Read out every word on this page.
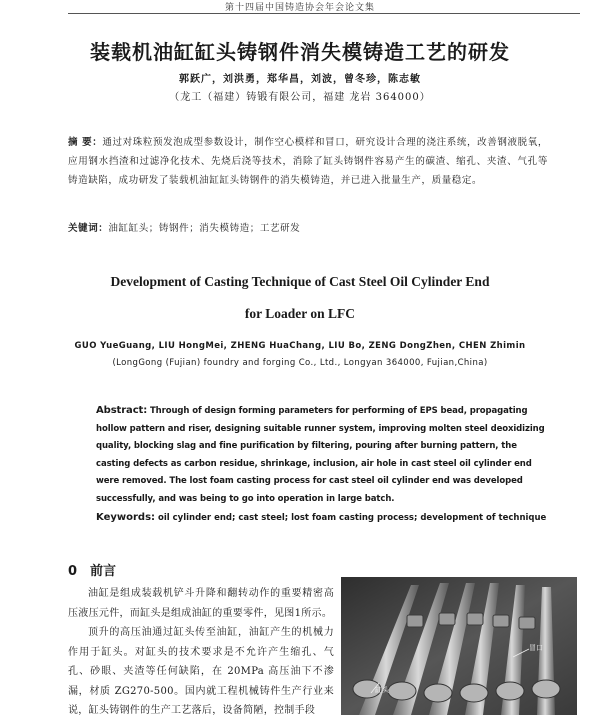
第十四届中国铸造协会年会论文集
装载机油缸缸头铸钢件消失模铸造工艺的研发
郭跃广，刘洪勇，郑华昌，刘波，曾冬珍，陈志敏
（龙工（福建）铸锻有限公司，福建 龙岩 364000）
摘 要：通过对珠粒预发泡成型参数设计，制作空心模样和冒口，研究设计合理的浇注系统，改善钢液脱氧，应用钢水挡渣和过滤净化技术、先烧后浇等技术，消除了缸头铸钢件容易产生的碳渣、缩孔、夹渣、气孔等铸造缺陷，成功研发了装载机油缸缸头铸钢件的消失模铸造，并已进入批量生产，质量稳定。
关键词：油缸缸头；铸钢件；消失模铸造；工艺研发
Development of Casting Technique of Cast Steel Oil Cylinder End
for Loader on LFC
GUO YueGuang, LIU HongMei, ZHENG HuaChang, LIU Bo, ZENG DongZhen, CHEN Zhimin
(LongGong (Fujian) foundry and forging Co., Ltd., Longyan 364000, Fujian,China)
Abstract: Through of design forming parameters for performing of EPS bead, propagating hollow pattern and riser, designing suitable runner system, improving molten steel deoxidizing quality, blocking slag and fine purification by filtering, pouring after burning pattern, the casting defects as carbon residue, shrinkage, inclusion, air hole in cast steel oil cylinder end were removed. The lost foam casting process for cast steel oil cylinder end was developed successfully, and was being to go into operation in large batch.
Keywords: oil cylinder end; cast steel; lost foam casting process; development of technique
0 前言

油缸是组成装载机铲斗升降和翻转动作的重要精密高压液压元件，而缸头是组成油缸的重要零件，见图1所示。

顶升的高压油通过缸头传至油缸，油缸产生的机械力作用于缸头。对缸头的技术要求是不允许产生缩孔、气孔、砂眼、夹渣等任何缺陷，在 20MPa 高压油下不渗漏，材质 ZG270-500。国内就工程机械铸件生产行业来说，缸头铸钢件的生产工艺落后，设备简陋，控制手段

冒口
缸头
